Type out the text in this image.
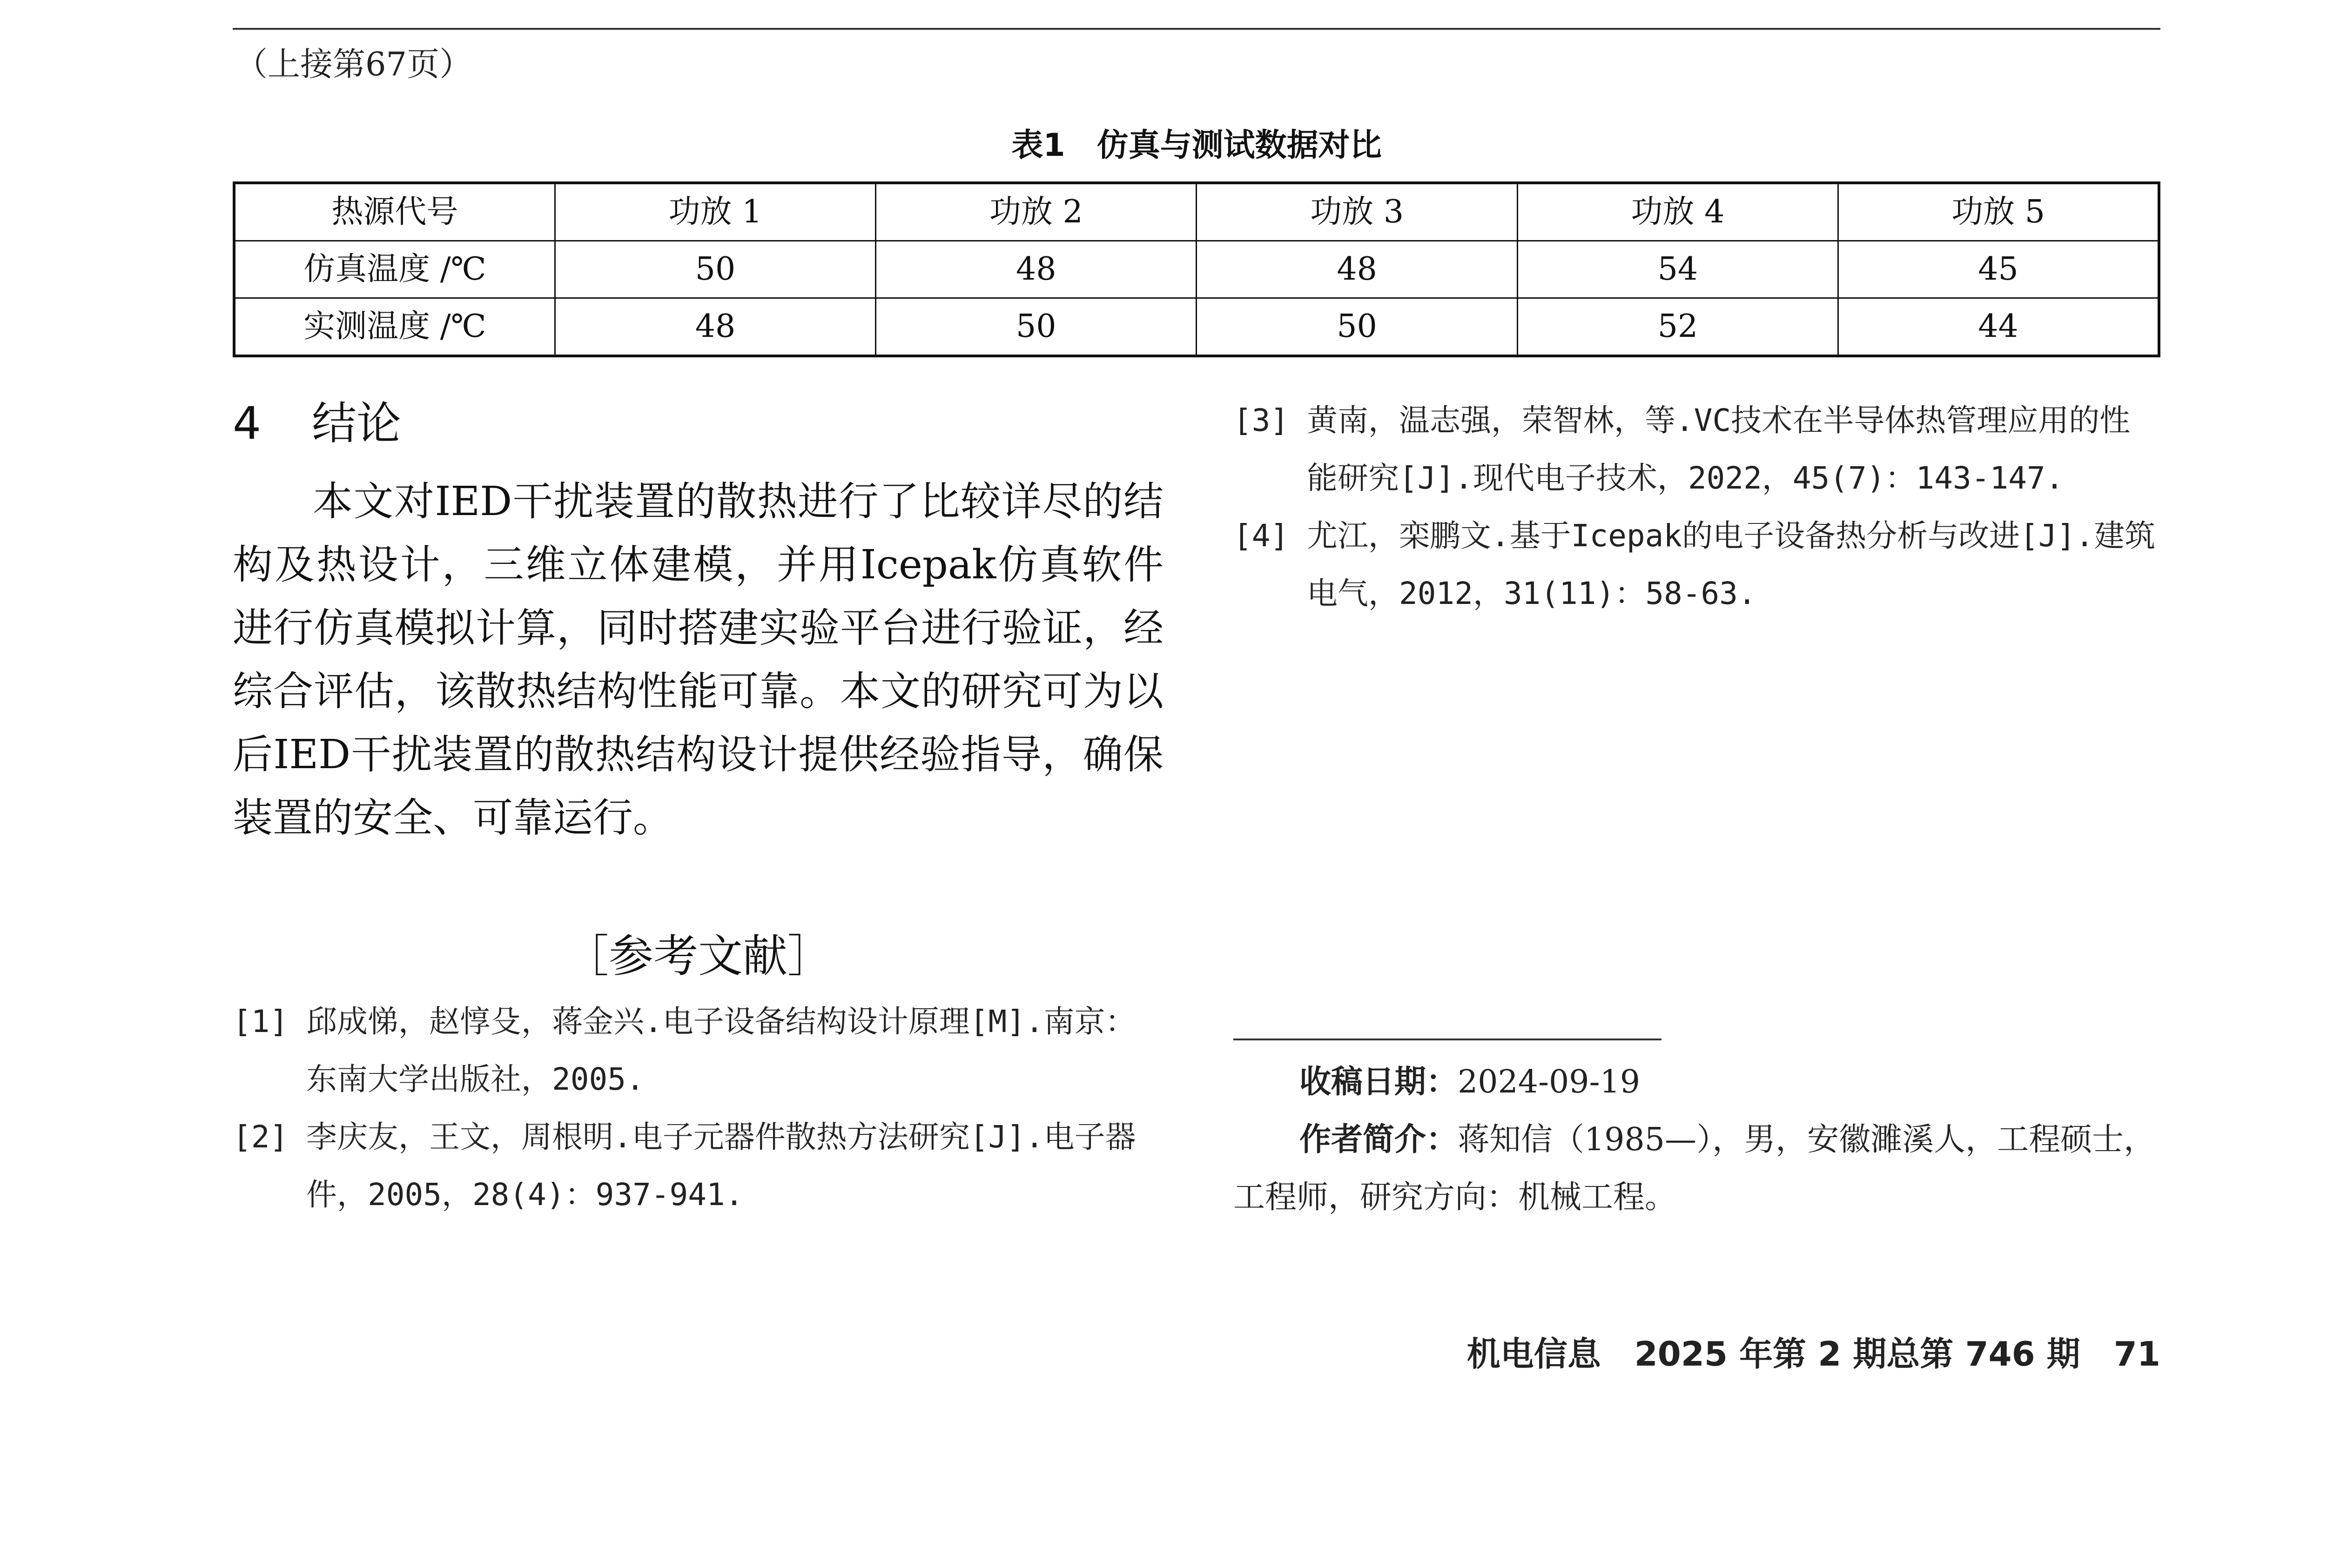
（上接第67页）
表1　仿真与测试数据对比
热源代号	功放 1	功放 2	功放 3	功放 4	功放 5
仿真温度 /℃	50	48	48	54	45
实测温度 /℃	48	50	50	52	44
4 结论
本文对IED干扰装置的散热进行了比较详尽的结构及热设计，三维立体建模，并用Icepak仿真软件进行仿真模拟计算，同时搭建实验平台进行验证，经综合评估，该散热结构性能可靠。本文的研究可为以后IED干扰装置的散热结构设计提供经验指导，确保装置的安全、可靠运行。
［参考文献］
[1] 邱成悌，赵惇殳，蒋金兴.电子设备结构设计原理[M].南京：东南大学出版社，2005.
[2] 李庆友，王文，周根明.电子元器件散热方法研究[J].电子器件，2005，28(4)：937-941.
[3] 黄南，温志强，荣智林，等.VC技术在半导体热管理应用的性能研究[J].现代电子技术，2022，45(7)：143-147.
[4] 尤江，栾鹏文.基于Icepak的电子设备热分析与改进[J].建筑电气，2012，31(11)：58-63.
收稿日期：2024-09-19
作者简介：蒋知信（1985—），男，安徽濉溪人，工程硕士，工程师，研究方向：机械工程。
机电信息　2025 年第 2 期总第 746 期　71
